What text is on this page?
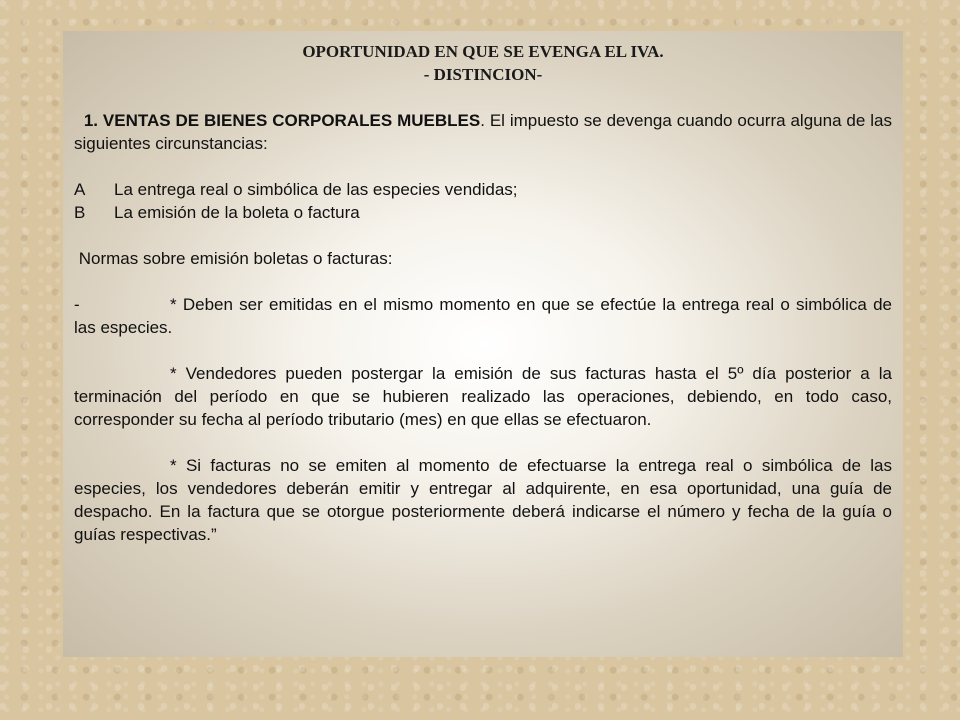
OPORTUNIDAD EN QUE SE EVENGA EL IVA.
- DISTINCION-

1. VENTAS DE BIENES CORPORALES MUEBLES. El impuesto se devenga cuando ocurra alguna de las siguientes circunstancias:

A La entrega real o simbólica de las especies vendidas;

B La emisión de la boleta o factura

Normas sobre emisión boletas o facturas:

-	* Deben ser emitidas en el mismo momento en que se efectúe la entrega real o simbólica de las especies.

* Vendedores pueden postergar la emisión de sus facturas hasta el 5º día posterior a la terminación del período en que se hubieren realizado las operaciones, debiendo, en todo caso, corresponder su fecha al período tributario (mes) en que ellas se efectuaron.

* Si facturas no se emiten al momento de efectuarse la entrega real o simbólica de las especies, los vendedores deberán emitir y entregar al adquirente, en esa oportunidad, una guía de despacho. En la factura que se otorgue posteriormente deberá indicarse el número y fecha de la guía o guías respectivas.”
